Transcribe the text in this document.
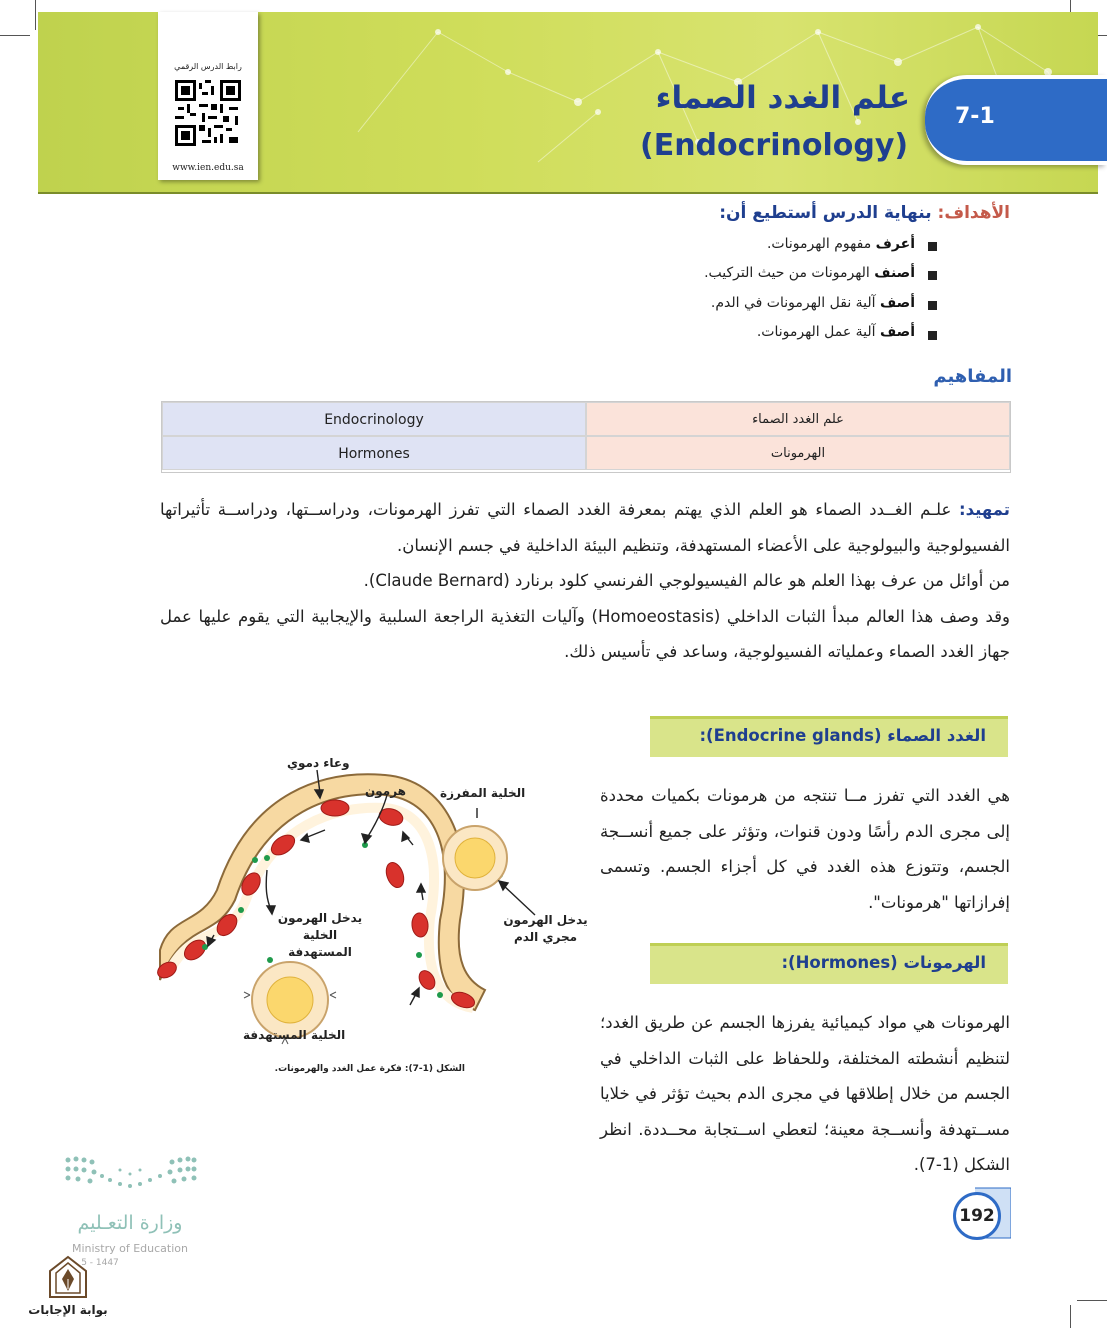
رابط الدرس الرقمي
www.ien.edu.sa
علم الغدد الصماء
(Endocrinology)
7-1
الأهداف: بنهاية الدرس أستطيع أن:
أعرف مفهوم الهرمونات.
أصنف الهرمونات من حيث التركيب.
أصف آلية نقل الهرمونات في الدم.
أصف آلية عمل الهرمونات.
المفاهيم
Endocrinology	علم الغدد الصماء
Hormones	الهرمونات
تمهيد: علـم الغــدد الصماء هو العلم الذي يهتم بمعرفة الغدد الصماء التي تفرز الهرمونات، ودراســتها، ودراســة تأثيراتها الفسيولوجية والبيولوجية على الأعضاء المستهدفة، وتنظيم البيئة الداخلية في جسم الإنسان.
من أوائل من عرف بهذا العلم هو عالم الفيسيولوجي الفرنسي كلود برنارد (Claude Bernard).
وقد وصف هذا العالم مبدأ الثبات الداخلي (Homoeostasis) وآليات التغذية الراجعة السلبية والإيجابية التي يقوم عليها عمل جهاز الغدد الصماء وعملياته الفسيولوجية، وساعد في تأسيس ذلك.
الغدد الصماء (Endocrine glands):
هي الغدد التي تفرز مــا تنتجه من هرمونات بكميات محددة إلى مجرى الدم رأسًا ودون قنوات، وتؤثر على جميع أنســجة الجسم، وتتوزع هذه الغدد في كل أجزاء الجسم. وتسمى إفرازاتها "هرمونات".
الهرمونات (Hormones):
الهرمونات هي مواد كيميائية يفرزها الجسم عن طريق الغدد؛ لتنظيم أنشطته المختلفة، وللحفاظ على الثبات الداخلي في الجسم من خلال إطلاقها في مجرى الدم بحيث تؤثر في خلايا مســتهدفة وأنســجة معينة؛ لتعطي اســتجابة محــددة. انظر الشكل (1-7).
وعاء دموي
هرمون	الخلية المفرزة
يدخل الهرمون الخلية المستهدفة
يدخل الهرمون مجري الدم
الخلية المستهدفة
الشكل (1-7): فكرة عمل الغدد والهرمونات.
وزارة التعـليم
Ministry of Education
5 - 1447
بوابة الإجابات
192
